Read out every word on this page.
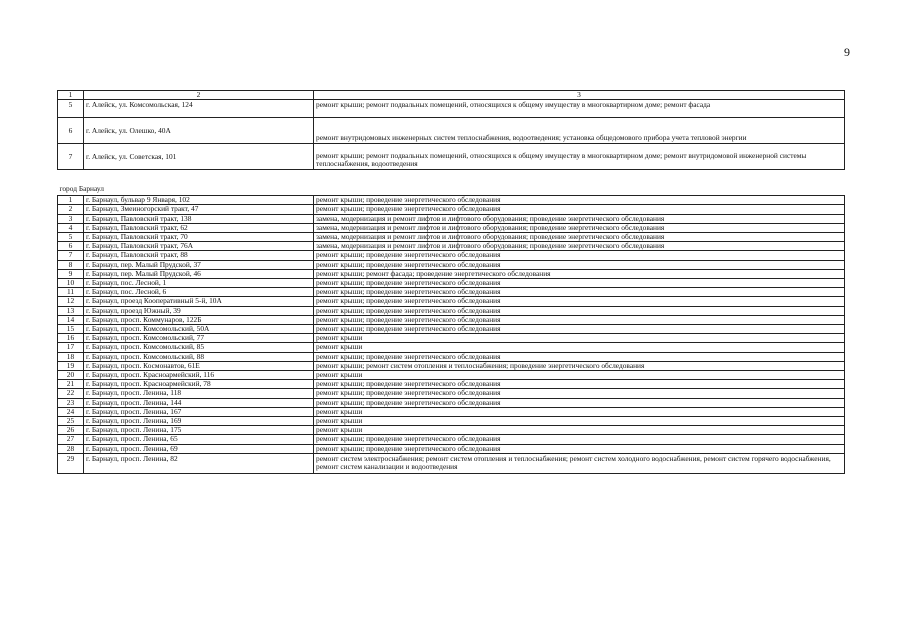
9
1	2	3
5	г. Алейск, ул. Комсомольская, 124	ремонт крыши; ремонт подвальных помещений, относящихся к общему имуществу в многоквартирном доме; ремонт фасада
6	г. Алейск, ул. Олешко, 40А	ремонт внутридомовых инженерных систем теплоснабжения, водоотведения; установка общедомового прибора учета тепловой энергии
7	г. Алейск, ул. Советская, 101	ремонт крыши; ремонт подвальных помещений, относящихся к общему имуществу в многоквартирном доме; ремонт внутридомовой инженерной системы теплоснабжения, водоотведения
город Барнаул		
1	г. Барнаул, бульвар 9 Января, 102	ремонт крыши; проведение энергетического обследования
2	г. Барнаул, Змеиногорский тракт, 47	ремонт крыши; проведение энергетического обследования
3	г. Барнаул, Павловский тракт, 138	замена, модернизация и ремонт лифтов и лифтового оборудования; проведение энергетического обследования
4	г. Барнаул, Павловский тракт, 62	замена, модернизация и ремонт лифтов и лифтового оборудования; проведение энергетического обследования
5	г. Барнаул, Павловский тракт, 70	замена, модернизация и ремонт лифтов и лифтового оборудования; проведение энергетического обследования
6	г. Барнаул, Павловский тракт, 76А	замена, модернизация и ремонт лифтов и лифтового оборудования; проведение энергетического обследования
7	г. Барнаул, Павловский тракт, 88	ремонт крыши; проведение энергетического обследования
8	г. Барнаул, пер. Малый Прудской, 37	ремонт крыши; проведение энергетического обследования
9	г. Барнаул, пер. Малый Прудской, 46	ремонт крыши; ремонт фасада; проведение энергетического обследования
10	г. Барнаул, пос. Лесной, 1	ремонт крыши; проведение энергетического обследования
11	г. Барнаул, пос. Лесной, 6	ремонт крыши; проведение энергетического обследования
12	г. Барнаул, проезд Кооперативный 5-й, 10А	ремонт крыши; проведение энергетического обследования
13	г. Барнаул, проезд Южный, 39	ремонт крыши; проведение энергетического обследования
14	г. Барнаул, просп. Коммунаров, 122Б	ремонт крыши; проведение энергетического обследования
15	г. Барнаул, просп. Комсомольский, 50А	ремонт крыши; проведение энергетического обследования
16	г. Барнаул, просп. Комсомольский, 77	ремонт крыши
17	г. Барнаул, просп. Комсомольский, 85	ремонт крыши
18	г. Барнаул, просп. Комсомольский, 88	ремонт крыши; проведение энергетического обследования
19	г. Барнаул, просп. Космонавтов, 61Е	ремонт крыши; ремонт систем отопления и теплоснабжения; проведение энергетического обследования
20	г. Барнаул, просп. Красноармейский, 116	ремонт крыши
21	г. Барнаул, просп. Красноармейский, 78	ремонт крыши; проведение энергетического обследования
22	г. Барнаул, просп. Ленина, 118	ремонт крыши; проведение энергетического обследования
23	г. Барнаул, просп. Ленина, 144	ремонт крыши; проведение энергетического обследования
24	г. Барнаул, просп. Ленина, 167	ремонт крыши
25	г. Барнаул, просп. Ленина, 169	ремонт крыши
26	г. Барнаул, просп. Ленина, 175	ремонт крыши
27	г. Барнаул, просп. Ленина, 65	ремонт крыши; проведение энергетического обследования
28	г. Барнаул, просп. Ленина, 69	ремонт крыши; проведение энергетического обследования
29	г. Барнаул, просп. Ленина, 82	ремонт систем электроснабжения; ремонт систем отопления и теплоснабжения; ремонт систем холодного водоснабжения, ремонт систем горячего водоснабжения, ремонт систем канализации и водоотведения
